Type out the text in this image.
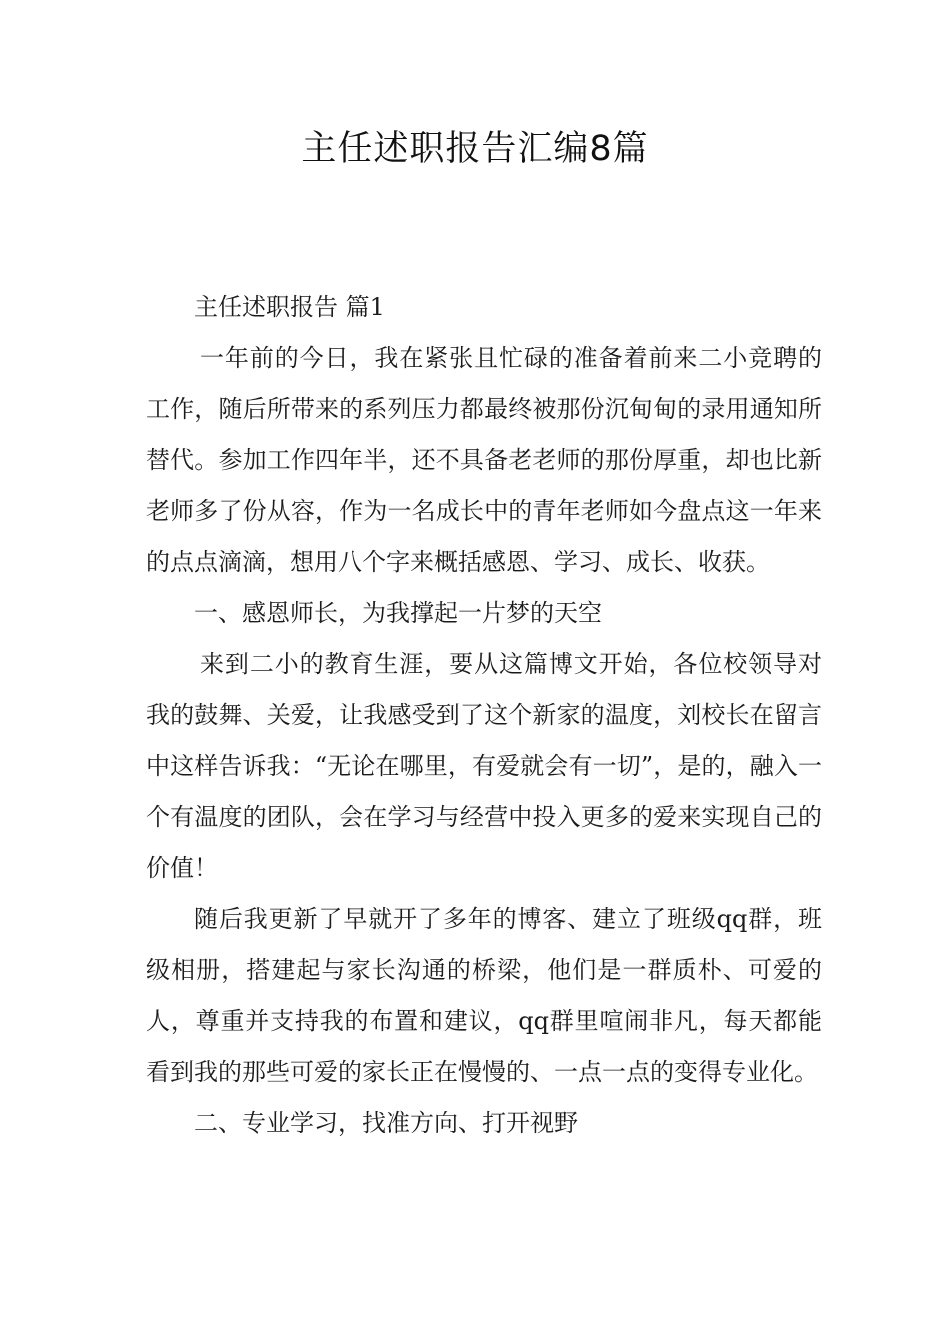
主任述职报告汇编8篇

主任述职报告 篇1

一年前的今日，我在紧张且忙碌的准备着前来二小竞聘的工作，随后所带来的系列压力都最终被那份沉甸甸的录用通知所替代。参加工作四年半，还不具备老老师的那份厚重，却也比新老师多了份从容，作为一名成长中的青年老师如今盘点这一年来的点点滴滴，想用八个字来概括感恩、学习、成长、收获。

一、感恩师长，为我撑起一片梦的天空

来到二小的教育生涯，要从这篇博文开始，各位校领导对我的鼓舞、关爱，让我感受到了这个新家的温度，刘校长在留言中这样告诉我：“无论在哪里，有爱就会有一切”，是的，融入一个有温度的团队，会在学习与经营中投入更多的爱来实现自己的价值！

随后我更新了早就开了多年的博客、建立了班级qq群，班级相册，搭建起与家长沟通的桥梁，他们是一群质朴、可爱的人，尊重并支持我的布置和建议，qq群里喧闹非凡，每天都能看到我的那些可爱的家长正在慢慢的、一点一点的变得专业化。

二、专业学习，找准方向、打开视野
